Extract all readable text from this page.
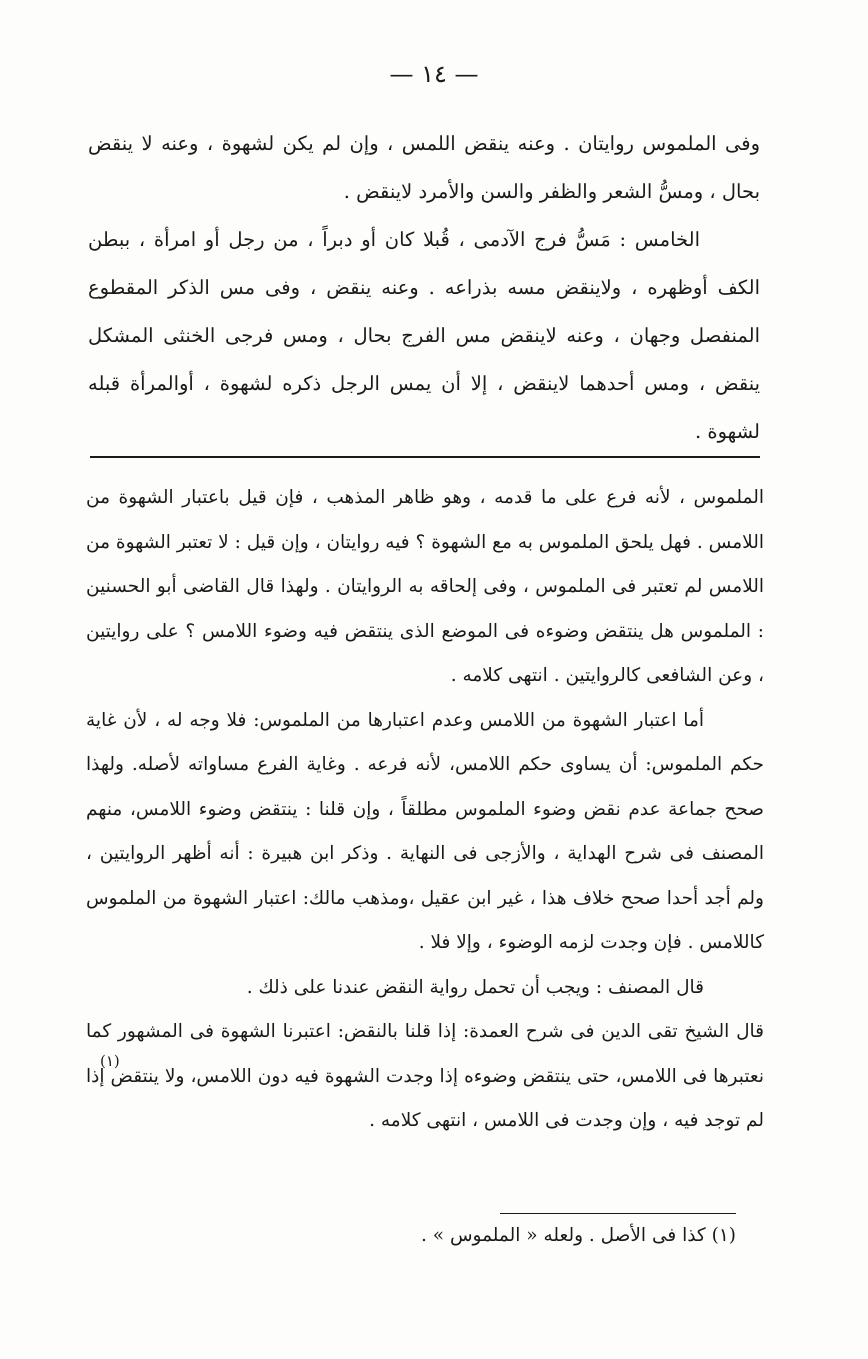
— ١٤ —

وفى الملموس روايتان . وعنه ينقض اللمس ، وإن لم يكن لشهوة ، وعنه لا ينقض بحال ، ومسُّ الشعر والظفر والسن والأمرد لاينقض .

الخامس : مَسُّ فرج الآدمى ، قُبلا كان أو دبراً ، من رجل أو امرأة ، ببطن الكف أوظهره ، ولاينقض مسه بذراعه . وعنه ينقض ، وفى مس الذكر المقطوع المنفصل وجهان ، وعنه لاينقض مس الفرج بحال ، ومس فرجى الخنثى المشكل ينقض ، ومس أحدهما لاينقض ، إلا أن يمس الرجل ذكره لشهوة ، أوالمرأة قبله لشهوة .

الملموس ، لأنه فرع على ما قدمه ، وهو ظاهر المذهب ، فإن قيل باعتبار الشهوة من اللامس . فهل يلحق الملموس به مع الشهوة ؟ فيه روايتان ، وإن قيل : لا تعتبر الشهوة من اللامس لم تعتبر فى الملموس ، وفى إلحاقه به الروايتان . ولهذا قال القاضى أبو الحسنين : الملموس هل ينتقض وضوءه فى الموضع الذى ينتقض فيه وضوء اللامس ؟ على روايتين ، وعن الشافعى كالروايتين . انتهى كلامه .

أما اعتبار الشهوة من اللامس وعدم اعتبارها من الملموس: فلا وجه له ، لأن غاية حكم الملموس: أن يساوى حكم اللامس، لأنه فرعه . وغاية الفرع مساواته لأصله. ولهذا صحح جماعة عدم نقض وضوء الملموس مطلقاً ، وإن قلنا : ينتقض وضوء اللامس، منهم المصنف فى شرح الهداية ، والأزجى فى النهاية . وذكر ابن هبيرة : أنه أظهر الروايتين ، ولم أجد أحدا صحح خلاف هذا ، غير ابن عقيل ،ومذهب مالك: اعتبار الشهوة من الملموس كاللامس . فإن وجدت لزمه الوضوء ، وإلا فلا .

قال المصنف : ويجب أن تحمل رواية النقض عندنا على ذلك .

قال الشيخ تقى الدين فى شرح العمدة: إذا قلنا بالنقض: اعتبرنا الشهوة فى المشهور كما نعتبرها فى اللامس، حتى ينتقض وضوءه إذا وجدت الشهوة فيه دون اللامس، ولا ينتقض إذا لم توجد فيه ، وإن وجدت فى اللامس ، انتهى كلامه .

(١)
(١) كذا فى الأصل . ولعله « الملموس » .
